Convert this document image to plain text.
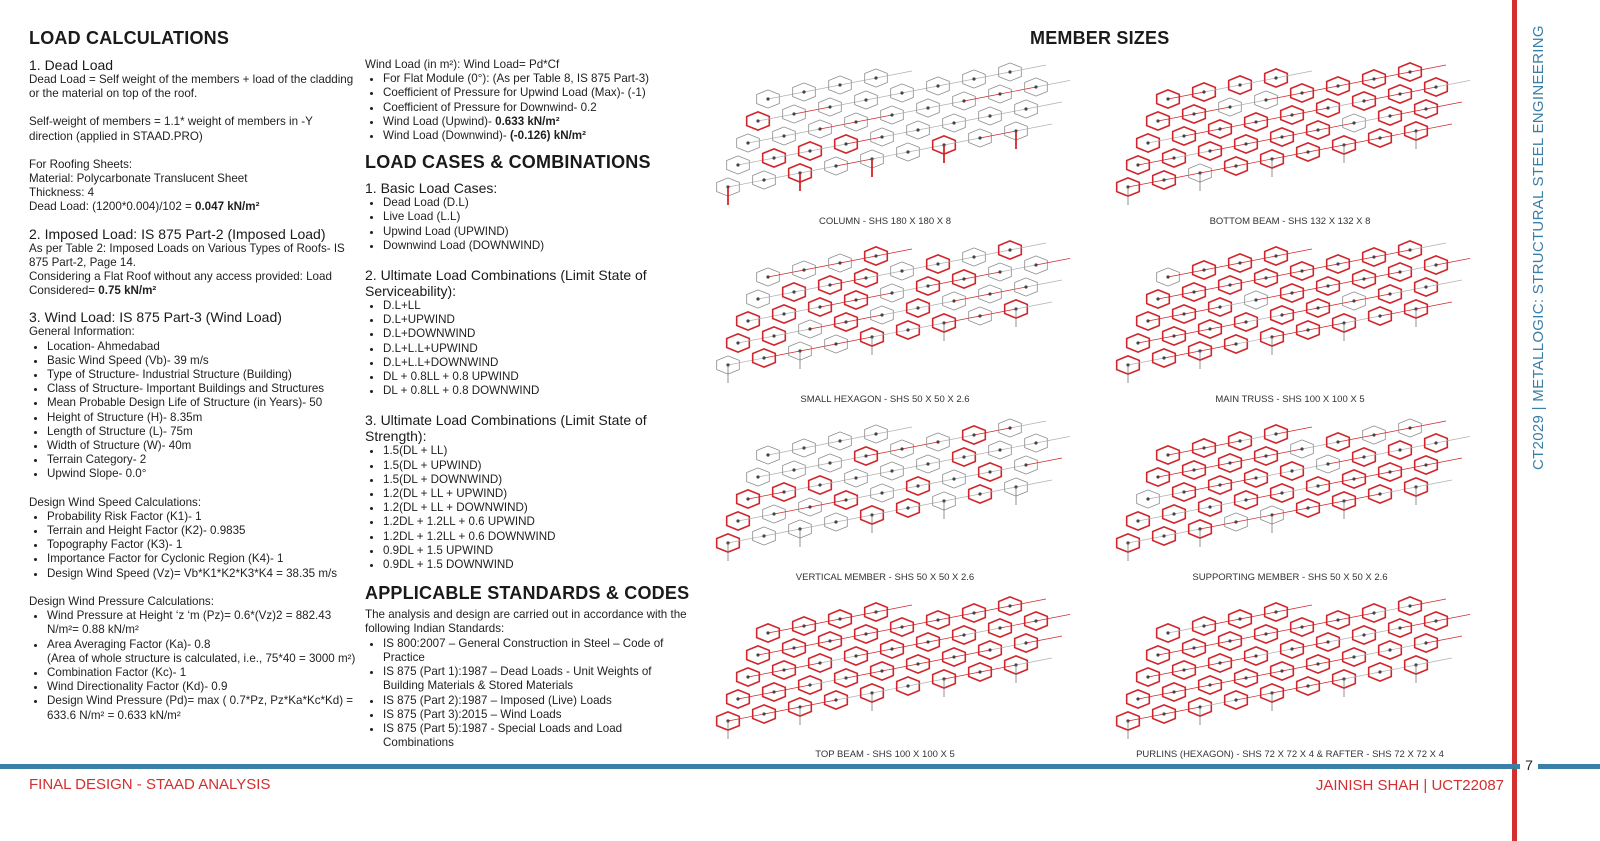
LOAD CALCULATIONS
1. Dead Load

Dead Load = Self weight of the members + load of the cladding or the material on top of the roof.

Self-weight of members = 1.1* weight of members in -Y direction (applied in STAAD.PRO)

For Roofing Sheets:

Material: Polycarbonate Translucent Sheet

Thickness: 4

Dead Load: (1200*0.004)/102 = 0.047 kN/m²

2. Imposed Load: IS 875 Part-2 (Imposed Load)

As per Table 2: Imposed Loads on Various Types of Roofs- IS 875 Part-2, Page 14.

Considering a Flat Roof without any access provided: Load Considered= 0.75 kN/m²

3. Wind Load: IS 875 Part-3 (Wind Load)

General Information:

• Location- Ahmedabad
• Basic Wind Speed (Vb)- 39 m/s
• Type of Structure- Industrial Structure (Building)
• Class of Structure- Important Buildings and Structures
• Mean Probable Design Life of Structure (in Years)- 50
• Height of Structure (H)- 8.35m
• Length of Structure (L)- 75m
• Width of Structure (W)- 40m
• Terrain Category- 2
• Upwind Slope- 0.0°

Design Wind Speed Calculations:

• Probability Risk Factor (K1)- 1
• Terrain and Height Factor (K2)- 0.9835
• Topography Factor (K3)- 1
• Importance Factor for Cyclonic Region (K4)- 1
• Design Wind Speed (Vz)= Vb*K1*K2*K3*K4 = 38.35 m/s

Design Wind Pressure Calculations:

• Wind Pressure at Height ‘z ‘m (Pz)= 0.6*(Vz)2 = 882.43 N/m²= 0.88 kN/m²
• Area Averaging Factor (Ka)- 0.8

(Area of whole structure is calculated, i.e., 75*40 = 3000 m²)

• Combination Factor (Kc)- 1
• Wind Directionality Factor (Kd)- 0.9
• Design Wind Pressure (Pd)= max ( 0.7*Pz, Pz*Ka*Kc*Kd) = 633.6 N/m² = 0.633 kN/m²

Wind Load (in m²): Wind Load= Pd*Cf

• For Flat Module (0°): (As per Table 8, IS 875 Part-3)
• Coefficient of Pressure for Upwind Load (Max)- (-1)
• Coefficient of Pressure for Downwind- 0.2
• Wind Load (Upwind)- 0.633 kN/m²
• Wind Load (Downwind)- (-0.126) kN/m²
LOAD CASES & COMBINATIONS
1. Basic Load Cases:
• Dead Load (D.L)
• Live Load (L.L)
• Upwind Load (UPWIND)
• Downwind Load (DOWNWIND)
2. Ultimate Load Combinations (Limit State of Serviceability):
• D.L+LL
• D.L+UPWIND
• D.L+DOWNWIND
• D.L+L.L+UPWIND
• D.L+L.L+DOWNWIND
• DL + 0.8LL + 0.8 UPWIND
• DL + 0.8LL + 0.8 DOWNWIND
3. Ultimate Load Combinations (Limit State of Strength):
• 1.5(DL + LL)
• 1.5(DL + UPWIND)
• 1.5(DL + DOWNWIND)
• 1.2(DL + LL + UPWIND)
• 1.2(DL + LL + DOWNWIND)
• 1.2DL + 1.2LL + 0.6 UPWIND
• 1.2DL + 1.2LL + 0.6 DOWNWIND
• 0.9DL + 1.5 UPWIND
• 0.9DL + 1.5 DOWNWIND
APPLICABLE STANDARDS & CODES

The analysis and design are carried out in accordance with the following Indian Standards:

• IS 800:2007 – General Construction in Steel – Code of Practice
• IS 875 (Part 1):1987 – Dead Loads - Unit Weights of Building Materials & Stored Materials
• IS 875 (Part 2):1987 – Imposed (Live) Loads
• IS 875 (Part 3):2015 – Wind Loads
• IS 875 (Part 5):1987 - Special Loads and Load Combinations
MEMBER SIZES
COLUMN - SHS 180 X 180 X 8	BOTTOM BEAM - SHS 132 X 132 X 8
SMALL HEXAGON - SHS 50 X 50 X 2.6	MAIN TRUSS - SHS 100 X 100 X 5
VERTICAL MEMBER - SHS 50 X 50 X 2.6	SUPPORTING MEMBER - SHS 50 X 50 X 2.6
TOP BEAM - SHS 100 X 100 X 5	PURLINS (HEXAGON) - SHS 72 X 72 X 4 & RAFTER - SHS 72 X 72 X 4
CT2029 | METALLOGIC: STRUCTURAL STEEL ENGINEERING
7
FINAL DESIGN - STAAD ANALYSIS	JAINISH SHAH | UCT22087
